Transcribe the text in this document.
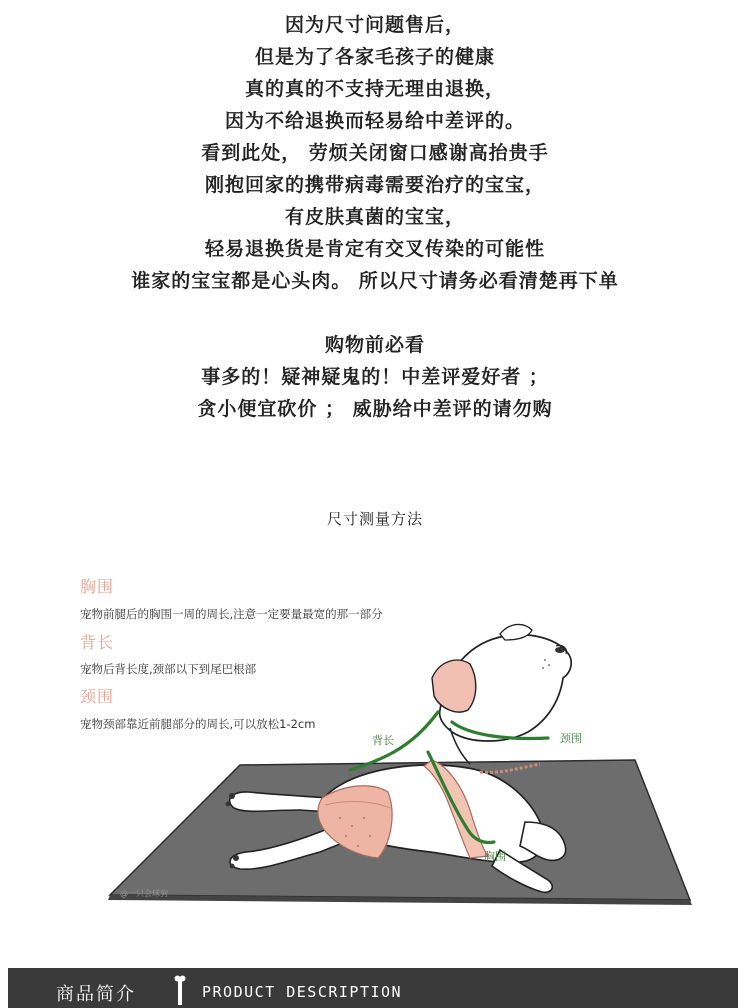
因为尺寸问题售后，
但是为了各家毛孩子的健康
真的真的不支持无理由退换，
因为不给退换而轻易给中差评的。
看到此处， 劳烦关闭窗口感谢高抬贵手
刚抱回家的携带病毒需要治疗的宝宝，
有皮肤真菌的宝宝，
轻易退换货是肯定有交叉传染的可能性
谁家的宝宝都是心头肉。 所以尺寸请务必看清楚再下单
购物前必看
事多的！疑神疑鬼的！中差评爱好者 ；
贪小便宜砍价 ； 威胁给中差评的请勿购
尺寸测量方法
背长	颈围
胸围
@一只会球狗
胸围
宠物前腿后的胸围一周的周长,注意一定要量最宽的那一部分
背长
宠物后背长度,颈部以下到尾巴根部
颈围
宠物颈部靠近前腿部分的周长,可以放松1-2cm
商品简介	PRODUCT DESCRIPTION
